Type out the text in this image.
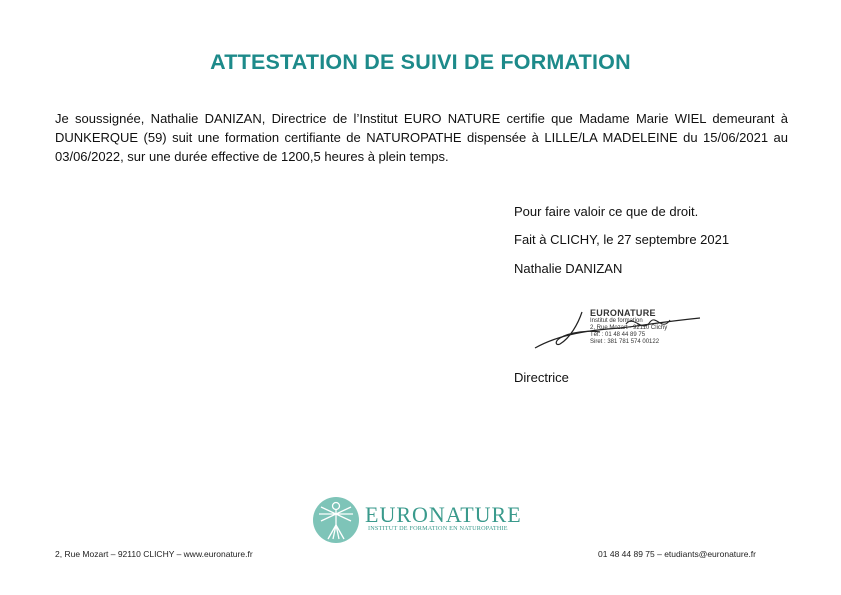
ATTESTATION DE SUIVI DE FORMATION

Je soussignée, Nathalie DANIZAN, Directrice de l’Institut EURO NATURE certifie que Madame Marie WIEL demeurant à DUNKERQUE (59) suit une formation certifiante de NATUROPATHE dispensée à LILLE/LA MADELEINE du 15/06/2021 au 03/06/2022, sur une durée effective de 1200,5 heures à plein temps.

Pour faire valoir ce que de droit.

Fait à CLICHY, le 27 septembre 2021

Nathalie DANIZAN

EURONATURE
Institut de formation
2, Rue Mozart - 92110 Clichy
Tél. : 01 48 44 89 75
Siret : 381 781 574 00122

Directrice

EURONATURE
INSTITUT DE FORMATION EN NATUROPATHIE
2, Rue Mozart – 92110 CLICHY – www.euronature.fr	01 48 44 89 75 – etudiants@euronature.fr
